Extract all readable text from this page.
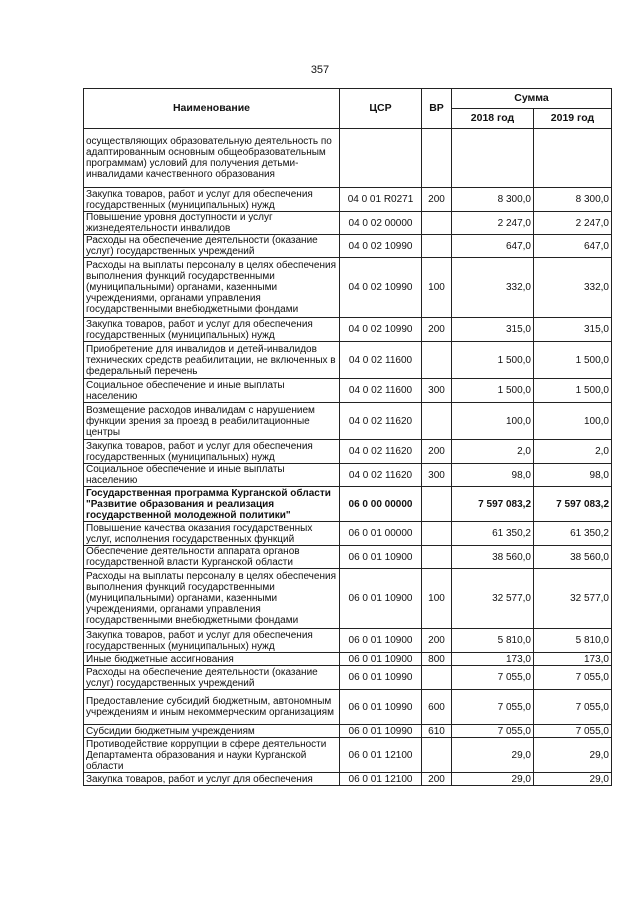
357
Наименование	ЦСР	ВР	Сумма	
			2018 год	2019 год
осуществляющих образовательную деятельность по адаптированным основным общеобразовательным программам) условий для получения детьми-инвалидами качественного образования				
Закупка товаров, работ и услуг для обеспечения государственных (муниципальных) нужд	04 0 01 R0271	200	8 300,0	8 300,0
Повышение уровня доступности и услуг жизнедеятельности инвалидов	04 0 02 00000		2 247,0	2 247,0
Расходы на обеспечение деятельности (оказание услуг) государственных учреждений	04 0 02 10990		647,0	647,0
Расходы на выплаты персоналу в целях обеспечения выполнения функций государственными (муниципальными) органами, казенными учреждениями, органами управления государственными внебюджетными фондами	04 0 02 10990	100	332,0	332,0
Закупка товаров, работ и услуг для обеспечения государственных (муниципальных) нужд	04 0 02 10990	200	315,0	315,0
Приобретение для инвалидов и детей-инвалидов технических средств реабилитации, не включенных в федеральный перечень	04 0 02 11600		1 500,0	1 500,0
Социальное обеспечение и иные выплаты населению	04 0 02 11600	300	1 500,0	1 500,0
Возмещение расходов инвалидам с нарушением функции зрения за проезд в реабилитационные центры	04 0 02 11620		100,0	100,0
Закупка товаров, работ и услуг для обеспечения государственных (муниципальных) нужд	04 0 02 11620	200	2,0	2,0
Социальное обеспечение и иные выплаты населению	04 0 02 11620	300	98,0	98,0
Государственная программа Курганской области "Развитие образования и реализация государственной молодежной политики"	06 0 00 00000		7 597 083,2	7 597 083,2
Повышение качества оказания государственных услуг, исполнения государственных функций	06 0 01 00000		61 350,2	61 350,2
Обеспечение деятельности аппарата органов государственной власти Курганской области	06 0 01 10900		38 560,0	38 560,0
Расходы на выплаты персоналу в целях обеспечения выполнения функций государственными (муниципальными) органами, казенными учреждениями, органами управления государственными внебюджетными фондами	06 0 01 10900	100	32 577,0	32 577,0
Закупка товаров, работ и услуг для обеспечения государственных (муниципальных) нужд	06 0 01 10900	200	5 810,0	5 810,0
Иные бюджетные ассигнования	06 0 01 10900	800	173,0	173,0
Расходы на обеспечение деятельности (оказание услуг) государственных учреждений	06 0 01 10990		7 055,0	7 055,0
Предоставление субсидий бюджетным, автономным учреждениям и иным некоммерческим организациям	06 0 01 10990	600	7 055,0	7 055,0
Субсидии бюджетным учреждениям	06 0 01 10990	610	7 055,0	7 055,0
Противодействие коррупции в сфере деятельности Департамента образования и науки Курганской области	06 0 01 12100		29,0	29,0
Закупка товаров, работ и услуг для обеспечения	06 0 01 12100	200	29,0	29,0
